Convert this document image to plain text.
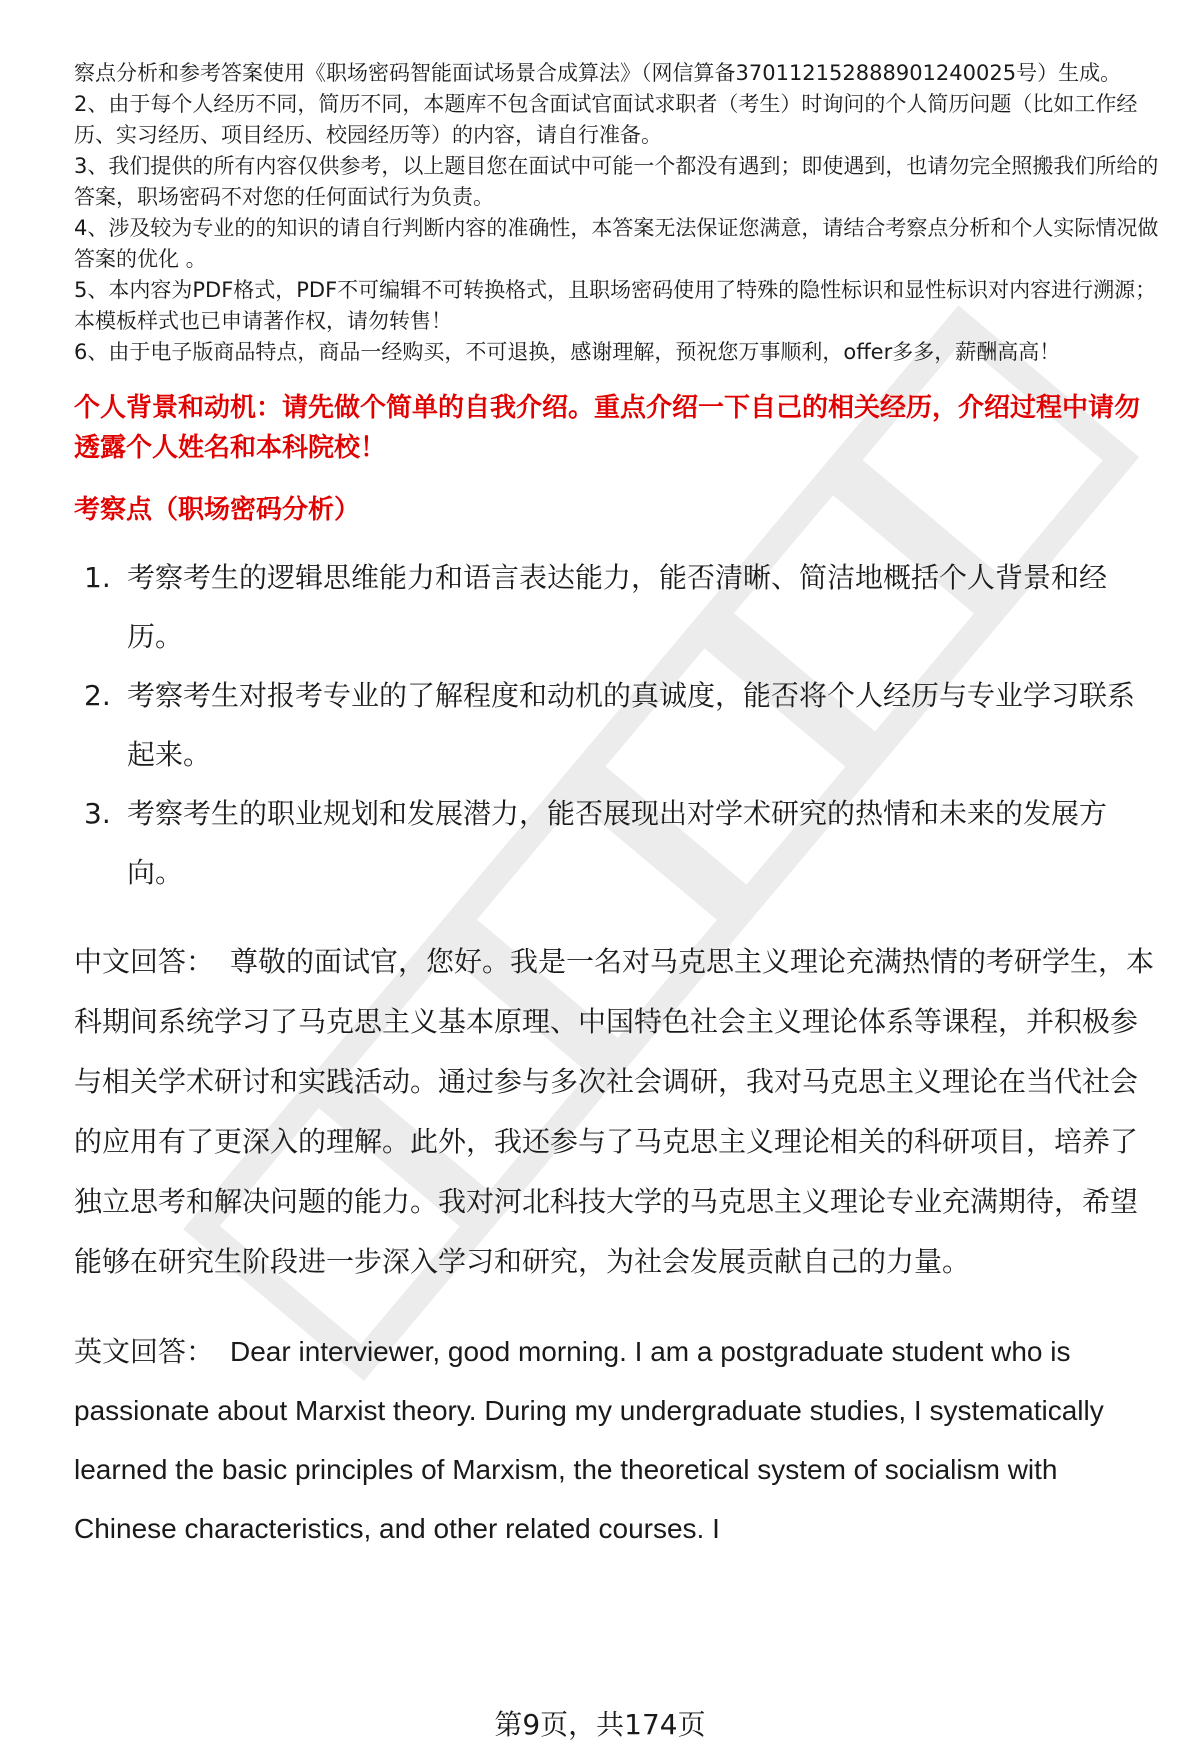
察点分析和参考答案使用《职场密码智能面试场景合成算法》（网信算备370112152888901240025号）生成。

2、由于每个人经历不同，简历不同，本题库不包含面试官面试求职者（考生）时询问的个人简历问题（比如工作经历、实习经历、项目经历、校园经历等）的内容，请自行准备。

3、我们提供的所有内容仅供参考，以上题目您在面试中可能一个都没有遇到；即使遇到，也请勿完全照搬我们所给的答案，职场密码不对您的任何面试行为负责。

4、涉及较为专业的的知识的请自行判断内容的准确性，本答案无法保证您满意，请结合考察点分析和个人实际情况做答案的优化 。

5、本内容为PDF格式，PDF不可编辑不可转换格式，且职场密码使用了特殊的隐性标识和显性标识对内容进行溯源；本模板样式也已申请著作权，请勿转售！

6、由于电子版商品特点，商品一经购买，不可退换，感谢理解，预祝您万事顺利，offer多多，薪酬高高！

个人背景和动机：请先做个简单的自我介绍。重点介绍一下自己的相关经历，介绍过程中请勿透露个人姓名和本科院校！
考察点（职场密码分析）
1. 考察考生的逻辑思维能力和语言表达能力，能否清晰、简洁地概括个人背景和经历。
2. 考察考生对报考专业的了解程度和动机的真诚度，能否将个人经历与专业学习联系起来。
3. 考察考生的职业规划和发展潜力，能否展现出对学术研究的热情和未来的发展方向。
中文回答： 尊敬的面试官，您好。我是一名对马克思主义理论充满热情的考研学生，本科期间系统学习了马克思主义基本原理、中国特色社会主义理论体系等课程，并积极参与相关学术研讨和实践活动。通过参与多次社会调研，我对马克思主义理论在当代社会的应用有了更深入的理解。此外，我还参与了马克思主义理论相关的科研项目，培养了独立思考和解决问题的能力。我对河北科技大学的马克思主义理论专业充满期待，希望能够在研究生阶段进一步深入学习和研究，为社会发展贡献自己的力量。
英文回答： Dear interviewer, good morning. I am a postgraduate student who is passionate about Marxist theory. During my undergraduate studies, I systematically learned the basic principles of Marxism, the theoretical system of socialism with Chinese characteristics, and other related courses. I
第9页，共174页
